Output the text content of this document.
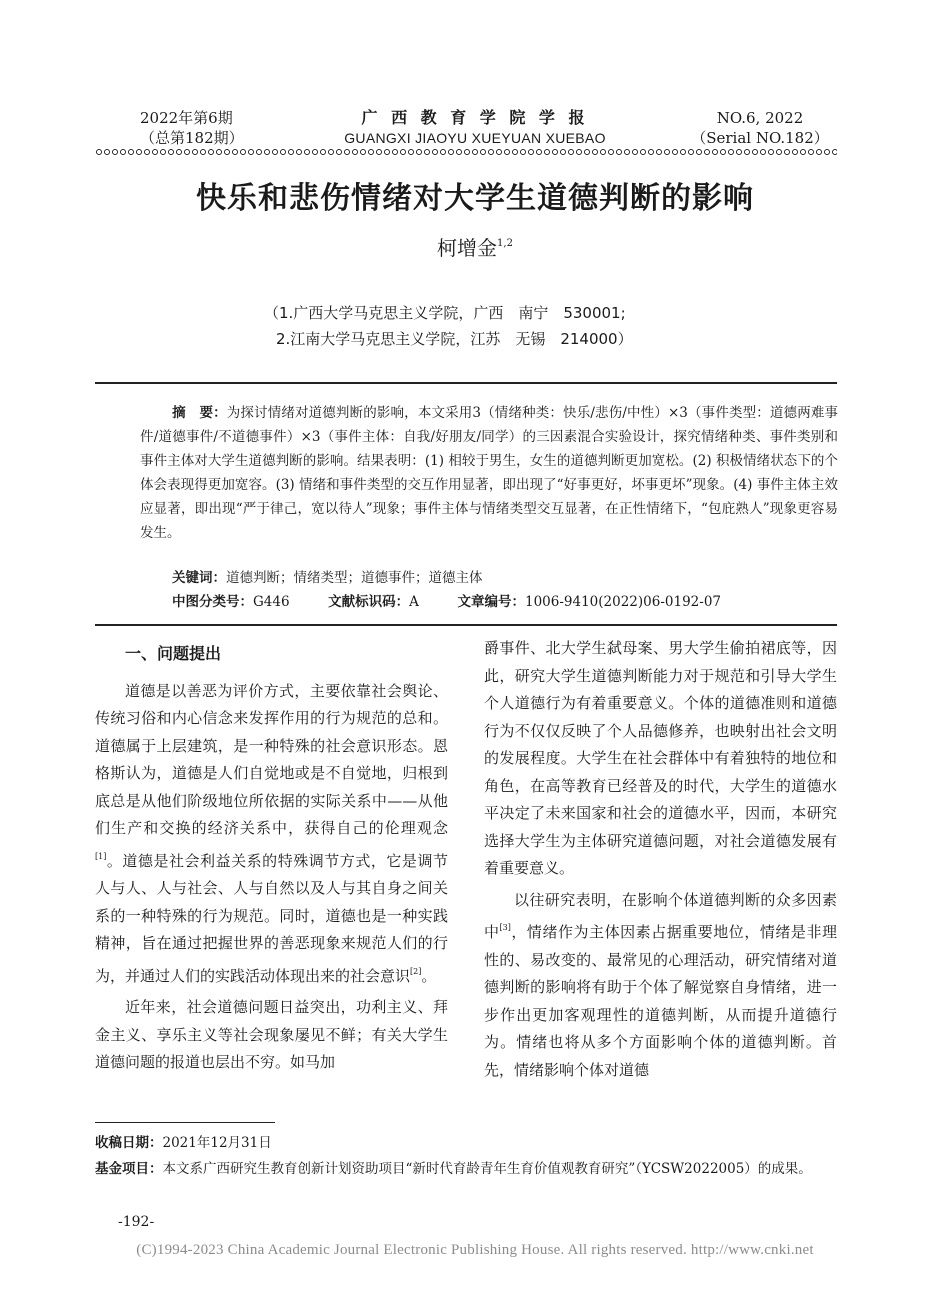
2022年第6期
（总第182期）
广 西 教 育 学 院 学 报
GUANGXI JIAOYU XUEYUAN XUEBAO
NO.6, 2022
（Serial NO.182）
快乐和悲伤情绪对大学生道德判断的影响
柯增金$^{1,2}$
（1.广西大学马克思主义学院，广西　南宁　530001;
2.江南大学马克思主义学院，江苏　无锡　214000）
摘　要：为探讨情绪对道德判断的影响，本文采用3（情绪种类：快乐/悲伤/中性）×3（事件类型：道德两难事件/道德事件/不道德事件）×3（事件主体：自我/好朋友/同学）的三因素混合实验设计，探究情绪种类、事件类别和事件主体对大学生道德判断的影响。结果表明：(1) 相较于男生，女生的道德判断更加宽松。(2) 积极情绪状态下的个体会表现得更加宽容。(3) 情绪和事件类型的交互作用显著，即出现了“好事更好，坏事更坏”现象。(4) 事件主体主效应显著，即出现“严于律己，宽以待人”现象；事件主体与情绪类型交互显著，在正性情绪下，“包庇熟人”现象更容易发生。
关键词：道德判断；情绪类型；道德事件；道德主体
中图分类号：G446	文献标识码：A	文章编号：1006-9410(2022)06-0192-07
一、问题提出

道德是以善恶为评价方式，主要依靠社会舆论、传统习俗和内心信念来发挥作用的行为规范的总和。道德属于上层建筑，是一种特殊的社会意识形态。恩格斯认为，道德是人们自觉地或是不自觉地，归根到底总是从他们阶级地位所依据的实际关系中——从他们生产和交换的经济关系中，获得自己的伦理观念[1]。道德是社会利益关系的特殊调节方式，它是调节人与人、人与社会、人与自然以及人与其自身之间关系的一种特殊的行为规范。同时，道德也是一种实践精神，旨在通过把握世界的善恶现象来规范人们的行为，并通过人们的实践活动体现出来的社会意识[2]。

近年来，社会道德问题日益突出，功利主义、拜金主义、享乐主义等社会现象屡见不鲜；有关大学生道德问题的报道也层出不穷。如马加

爵事件、北大学生弑母案、男大学生偷拍裙底等，因此，研究大学生道德判断能力对于规范和引导大学生个人道德行为有着重要意义。个体的道德准则和道德行为不仅仅反映了个人品德修养，也映射出社会文明的发展程度。大学生在社会群体中有着独特的地位和角色，在高等教育已经普及的时代，大学生的道德水平决定了未来国家和社会的道德水平，因而，本研究选择大学生为主体研究道德问题，对社会道德发展有着重要意义。

以往研究表明，在影响个体道德判断的众多因素中[3]，情绪作为主体因素占据重要地位，情绪是非理性的、易改变的、最常见的心理活动，研究情绪对道德判断的影响将有助于个体了解觉察自身情绪，进一步作出更加客观理性的道德判断，从而提升道德行为。情绪也将从多个方面影响个体的道德判断。首先，情绪影响个体对道德

收稿日期：2021年12月31日
基金项目：本文系广西研究生教育创新计划资助项目“新时代育龄青年生育价值观教育研究”（YCSW2022005）的成果。
-192-
(C)1994-2023 China Academic Journal Electronic Publishing House. All rights reserved. http://www.cnki.net
